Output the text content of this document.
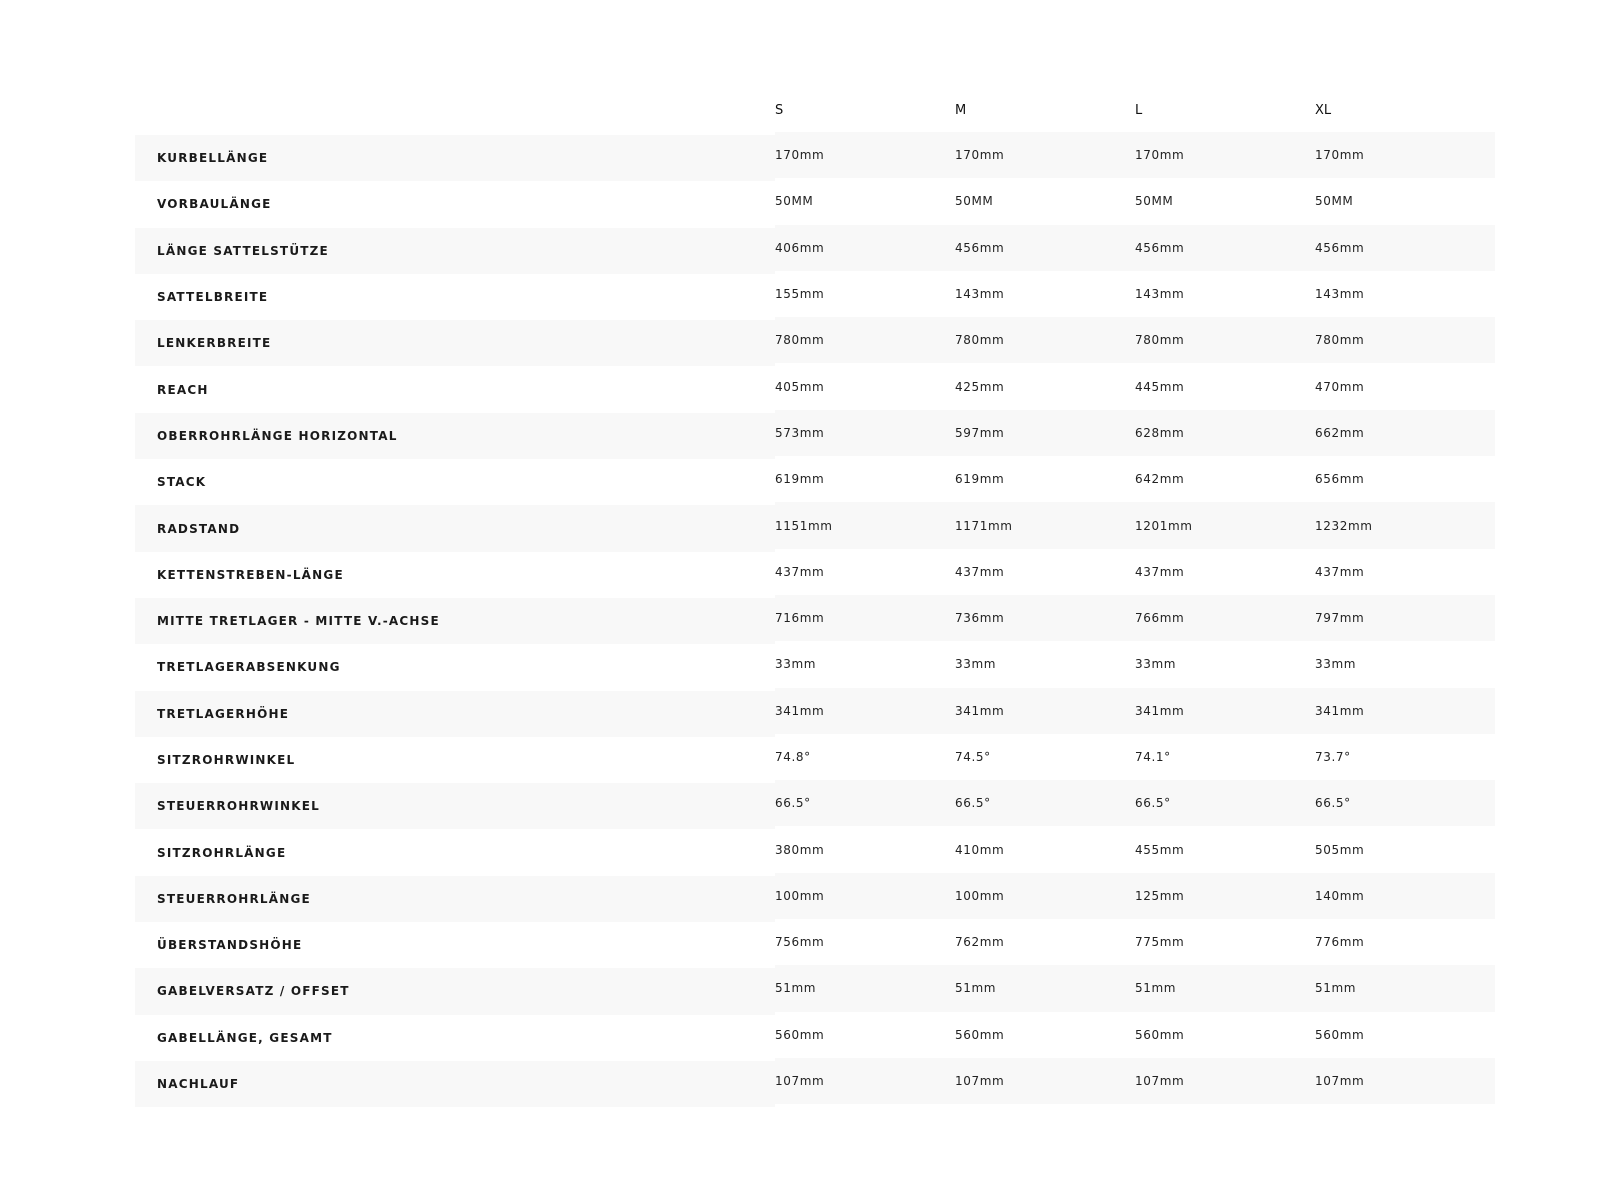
	S	M	L	XL
KURBELLÄNGE	170mm	170mm	170mm	170mm
VORBAULÄNGE	50MM	50MM	50MM	50MM
LÄNGE SATTELSTÜTZE	406mm	456mm	456mm	456mm
SATTELBREITE	155mm	143mm	143mm	143mm
LENKERBREITE	780mm	780mm	780mm	780mm
REACH	405mm	425mm	445mm	470mm
OBERROHRLÄNGE HORIZONTAL	573mm	597mm	628mm	662mm
STACK	619mm	619mm	642mm	656mm
RADSTAND	1151mm	1171mm	1201mm	1232mm
KETTENSTREBEN-LÄNGE	437mm	437mm	437mm	437mm
MITTE TRETLAGER - MITTE V.-ACHSE	716mm	736mm	766mm	797mm
TRETLAGERABSENKUNG	33mm	33mm	33mm	33mm
TRETLAGERHÖHE	341mm	341mm	341mm	341mm
SITZROHRWINKEL	74.8°	74.5°	74.1°	73.7°
STEUERROHRWINKEL	66.5°	66.5°	66.5°	66.5°
SITZROHRLÄNGE	380mm	410mm	455mm	505mm
STEUERROHRLÄNGE	100mm	100mm	125mm	140mm
ÜBERSTANDSHÖHE	756mm	762mm	775mm	776mm
GABELVERSATZ / OFFSET	51mm	51mm	51mm	51mm
GABELLÄNGE, GESAMT	560mm	560mm	560mm	560mm
NACHLAUF	107mm	107mm	107mm	107mm
